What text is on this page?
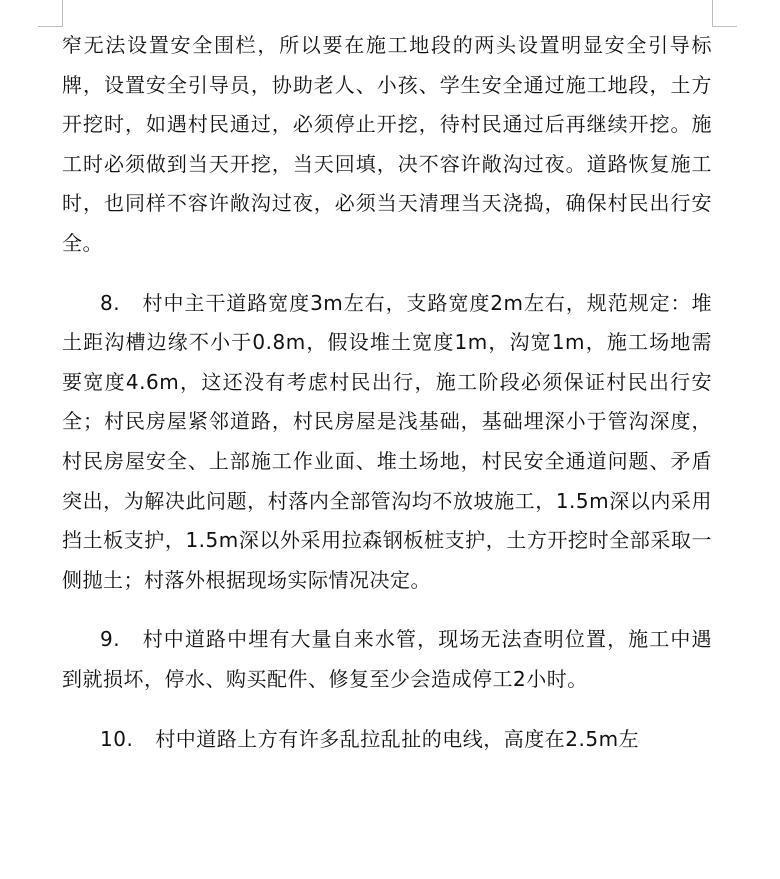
窄无法设置安全围栏，所以要在施工地段的两头设置明显安全引导标牌，设置安全引导员，协助老人、小孩、学生安全通过施工地段，土方开挖时，如遇村民通过，必须停止开挖，待村民通过后再继续开挖。施工时必须做到当天开挖，当天回填，决不容许敞沟过夜。道路恢复施工时，也同样不容许敞沟过夜，必须当天清理当天浇捣，确保村民出行安全。

8. 村中主干道路宽度3m左右，支路宽度2m左右，规范规定：堆土距沟槽边缘不小于0.8m，假设堆土宽度1m，沟宽1m，施工场地需要宽度4.6m，这还没有考虑村民出行，施工阶段必须保证村民出行安全；村民房屋紧邻道路，村民房屋是浅基础，基础埋深小于管沟深度，村民房屋安全、上部施工作业面、堆土场地，村民安全通道问题、矛盾突出，为解决此问题，村落内全部管沟均不放坡施工，1.5m深以内采用挡土板支护，1.5m深以外采用拉森钢板桩支护，土方开挖时全部采取一侧抛土；村落外根据现场实际情况决定。

9. 村中道路中埋有大量自来水管，现场无法查明位置，施工中遇到就损坏，停水、购买配件、修复至少会造成停工2小时。

10. 村中道路上方有许多乱拉乱扯的电线，高度在2.5m左
